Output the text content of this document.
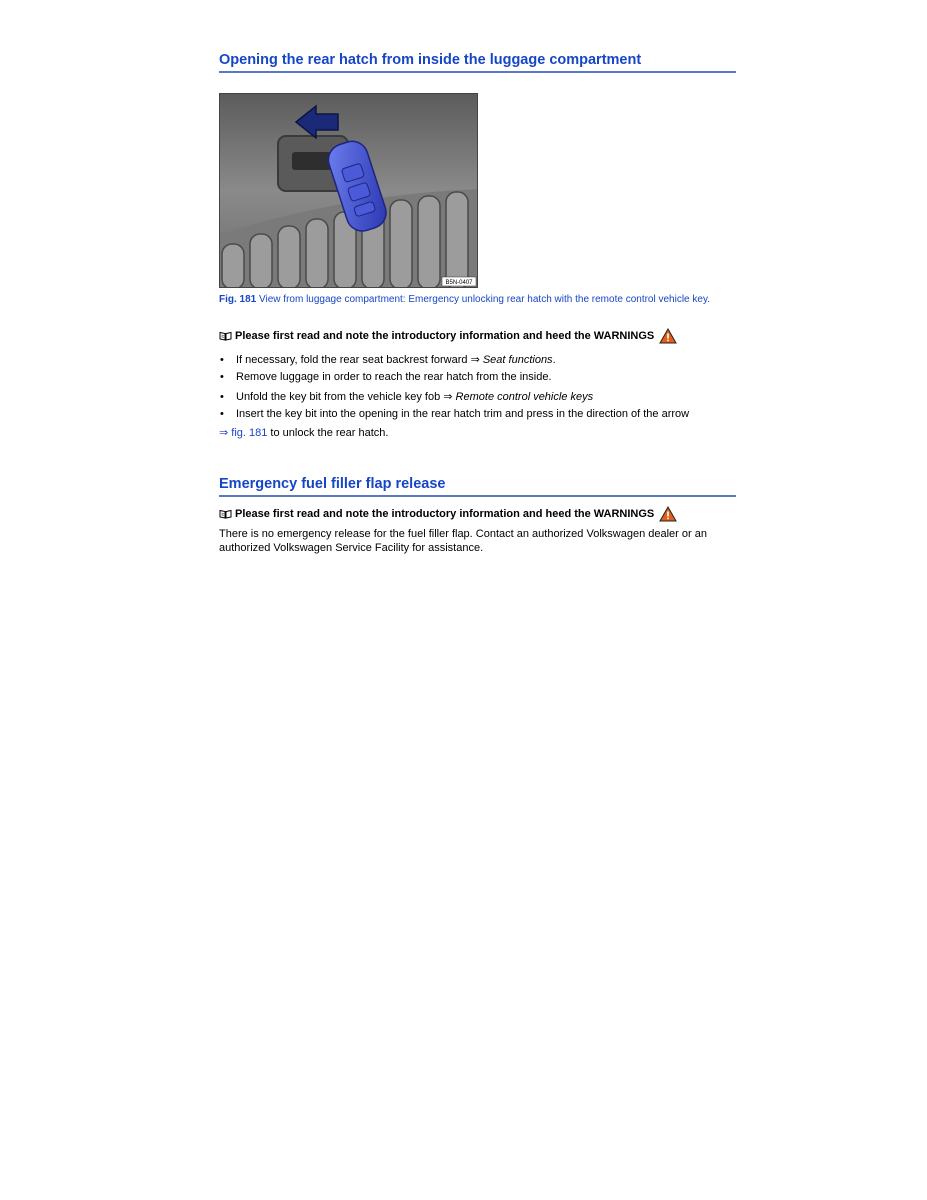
Opening the rear hatch from inside the luggage compartment
B5N-0407
Fig. 181 View from luggage compartment: Emergency unlocking rear hatch with the remote control vehicle key.
Please first read and note the introductory information and heed the WARNINGS
• If necessary, fold the rear seat backrest forward ⇒ Seat functions.
• Remove luggage in order to reach the rear hatch from the inside.
• Unfold the key bit from the vehicle key fob ⇒ Remote control vehicle keys
• Insert the key bit into the opening in the rear hatch trim and press in the direction of the arrow
⇒ fig. 181 to unlock the rear hatch.
Emergency fuel filler flap release
Please first read and note the introductory information and heed the WARNINGS

There is no emergency release for the fuel filler flap. Contact an authorized Volkswagen dealer or an authorized Volkswagen Service Facility for assistance.
